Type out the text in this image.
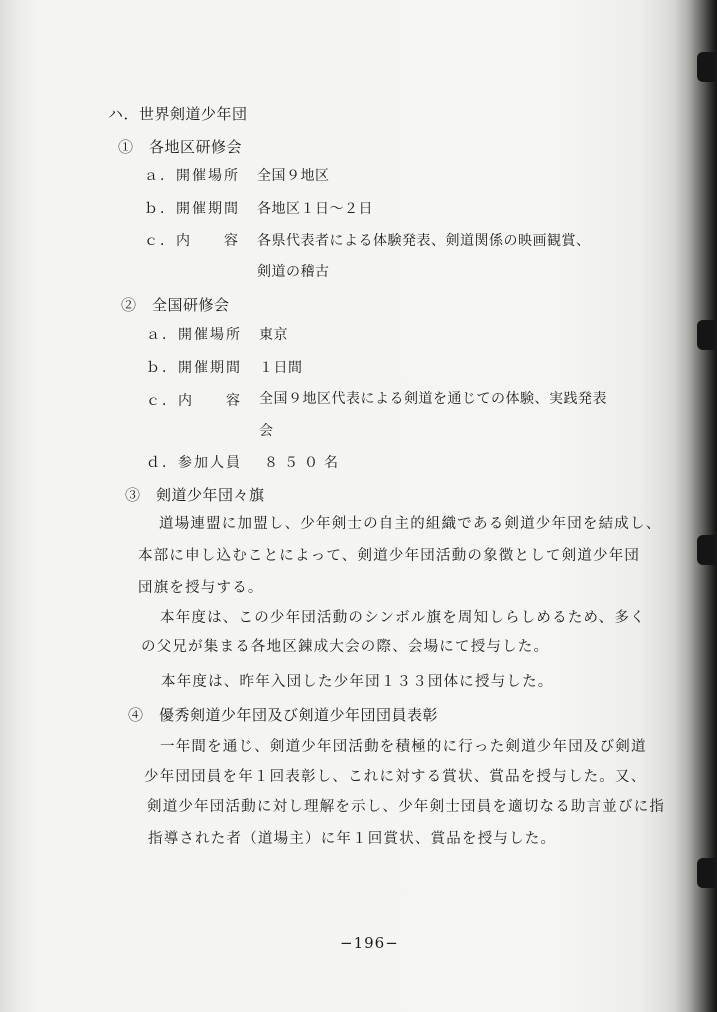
ハ．世界剣道少年団
①　各地区研修会
ａ．開催場所 全国９地区
ｂ．開催期間 各地区１日〜２日
ｃ．内　　容 各県代表者による体験発表、剣道関係の映画観賞、
剣道の稽古
②　全国研修会
ａ．開催場所 東京
ｂ．開催期間 １日間
ｃ．内　　容 全国９地区代表による剣道を通じての体験、実践発表
会
ｄ．参加人員 ８５０名
③　剣道少年団々旗
道場連盟に加盟し、少年剣士の自主的組織である剣道少年団を結成し、
本部に申し込むことによって、剣道少年団活動の象徴として剣道少年団
団旗を授与する。
本年度は、この少年団活動のシンボル旗を周知しらしめるため、多く
の父兄が集まる各地区錬成大会の際、会場にて授与した。
本年度は、昨年入団した少年団１３３団体に授与した。
④　優秀剣道少年団及び剣道少年団団員表彰
一年間を通じ、剣道少年団活動を積極的に行った剣道少年団及び剣道
少年団団員を年１回表彰し、これに対する賞状、賞品を授与した。又、
剣道少年団活動に対し理解を示し、少年剣士団員を適切なる助言並びに指
指導された者（道場主）に年１回賞状、賞品を授与した。
−196−
